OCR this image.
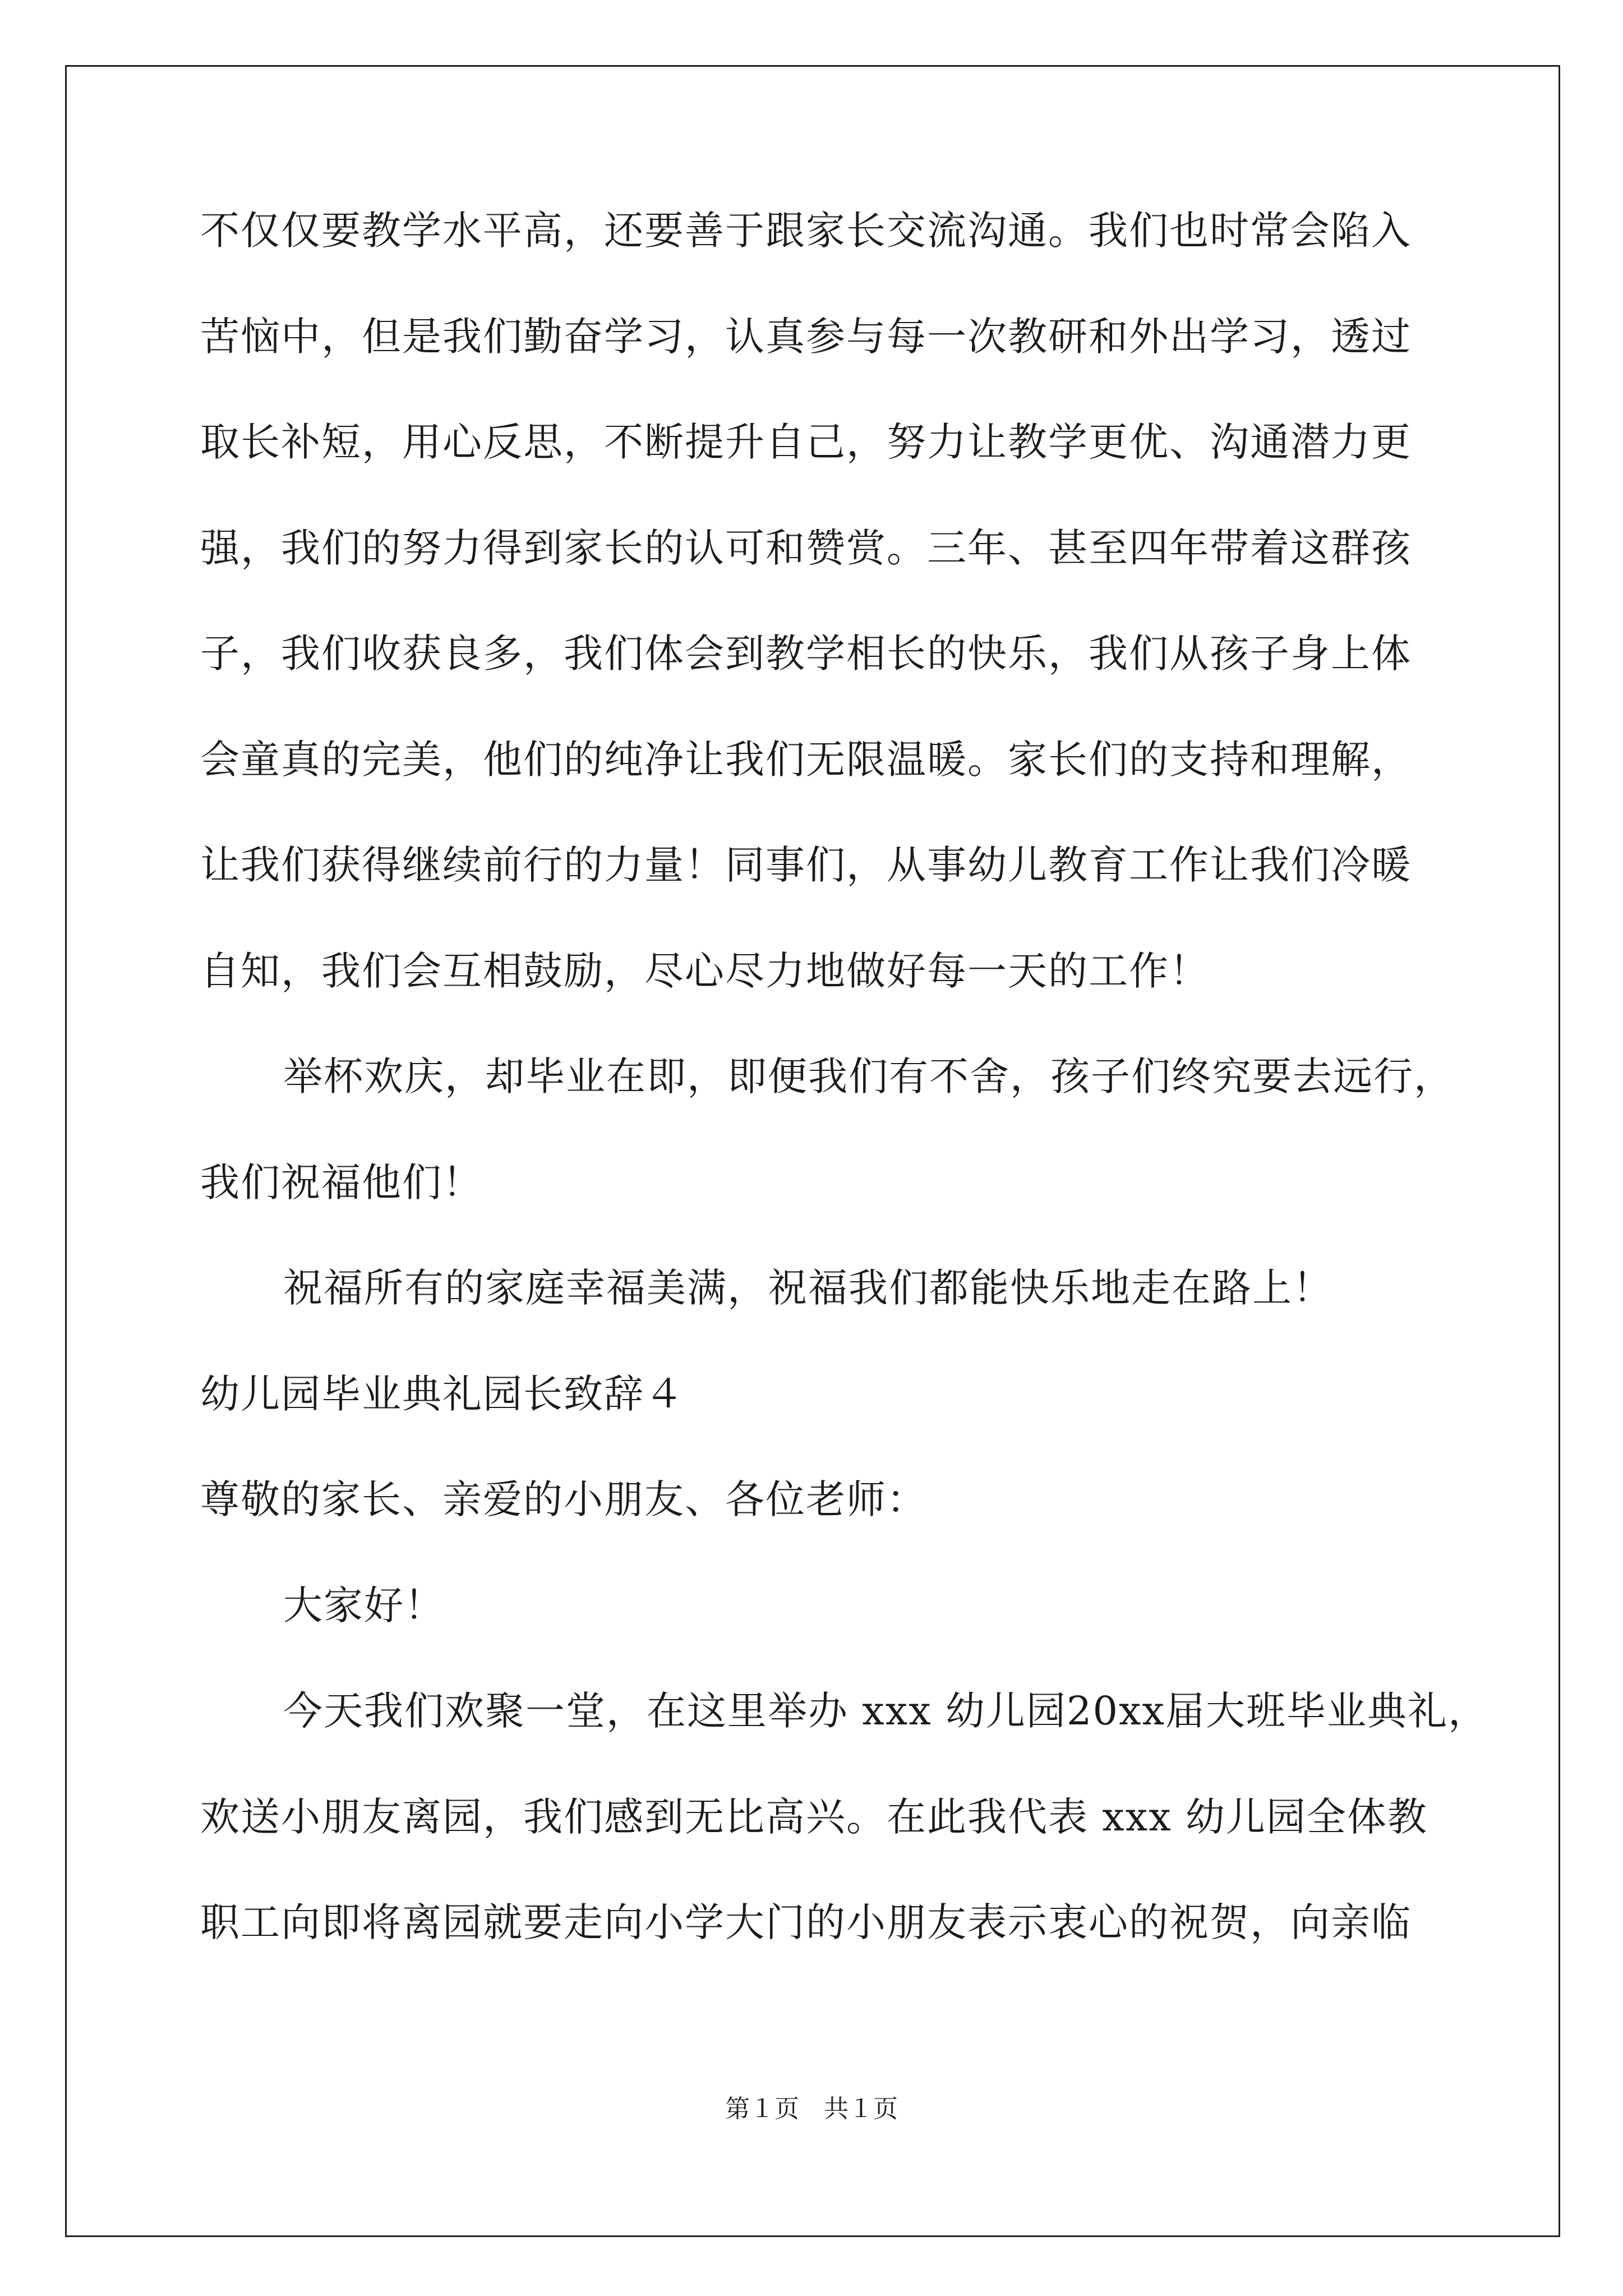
不仅仅要教学水平高，还要善于跟家长交流沟通。我们也时常会陷入
苦恼中，但是我们勤奋学习，认真参与每一次教研和外出学习，透过
取长补短，用心反思，不断提升自己，努力让教学更优、沟通潜力更
强，我们的努力得到家长的认可和赞赏。三年、甚至四年带着这群孩
子，我们收获良多，我们体会到教学相长的快乐，我们从孩子身上体
会童真的完美，他们的纯净让我们无限温暖。家长们的支持和理解，
让我们获得继续前行的力量！同事们，从事幼儿教育工作让我们冷暖
自知，我们会互相鼓励，尽心尽力地做好每一天的工作！
举杯欢庆，却毕业在即，即便我们有不舍，孩子们终究要去远行，
我们祝福他们！
祝福所有的家庭幸福美满，祝福我们都能快乐地走在路上！
幼儿园毕业典礼园长致辞４
尊敬的家长、亲爱的小朋友、各位老师：
大家好！
今天我们欢聚一堂，在这里举办 xxx 幼儿园20xx届大班毕业典礼，
欢送小朋友离园，我们感到无比高兴。在此我代表 xxx 幼儿园全体教
职工向即将离园就要走向小学大门的小朋友表示衷心的祝贺，向亲临
第１页　共１页
